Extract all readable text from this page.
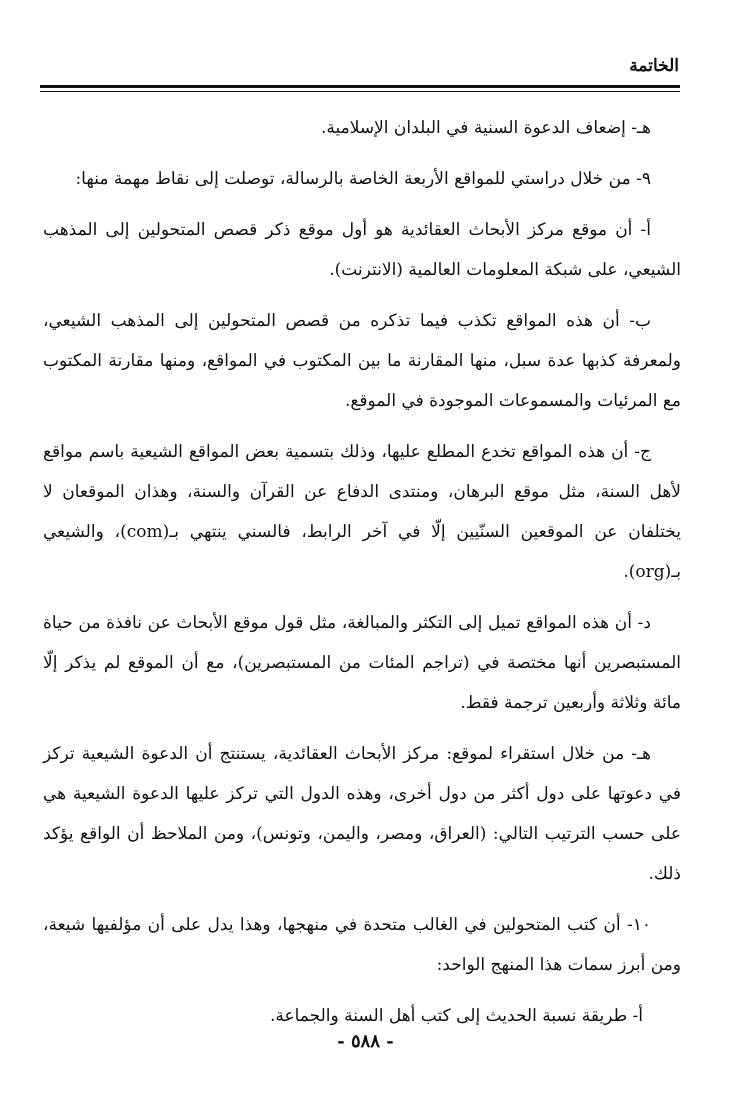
الخاتمة

هـ- إضعاف الدعوة السنية في البلدان الإسلامية.

٩- من خلال دراستي للمواقع الأربعة الخاصة بالرسالة، توصلت إلى نقاط مهمة منها:

أ- أن موقع مركز الأبحاث العقائدية هو أول موقع ذكر قصص المتحولين إلى المذهب الشيعي، على شبكة المعلومات العالمية (الانترنت).

ب- أن هذه المواقع تكذب فيما تذكره من قصص المتحولين إلى المذهب الشيعي، ولمعرفة كذبها عدة سبل، منها المقارنة ما بين المكتوب في المواقع، ومنها مقارنة المكتوب مع المرئيات والمسموعات الموجودة في الموقع.

ج- أن هذه المواقع تخدع المطلع عليها، وذلك بتسمية بعض المواقع الشيعية باسم مواقع لأهل السنة، مثل موقع البرهان، ومنتدى الدفاع عن القرآن والسنة، وهذان الموقعان لا يختلفان عن الموقعين السنّيين إلّا في آخر الرابط، فالسني ينتهي بـ(com)، والشيعي بـ(org).

د- أن هذه المواقع تميل إلى التكثر والمبالغة، مثل قول موقع الأبحاث عن نافذة من حياة المستبصرين أنها مختصة في (تراجم المئات من المستبصرين)، مع أن الموقع لم يذكر إلّا مائة وثلاثة وأربعين ترجمة فقط.

هـ- من خلال استقراء لموقع: مركز الأبحاث العقائدية، يستنتج أن الدعوة الشيعية تركز في دعوتها على دول أكثر من دول أخرى، وهذه الدول التي تركز عليها الدعوة الشيعية هي على حسب الترتيب التالي: (العراق، ومصر، واليمن، وتونس)، ومن الملاحظ أن الواقع يؤكد ذلك.

١٠- أن كتب المتحولين في الغالب متحدة في منهجها، وهذا يدل على أن مؤلفيها شيعة، ومن أبرز سمات هذا المنهج الواحد:

أ- طريقة نسبة الحديث إلى كتب أهل السنة والجماعة.

- ٥٨٨ -
